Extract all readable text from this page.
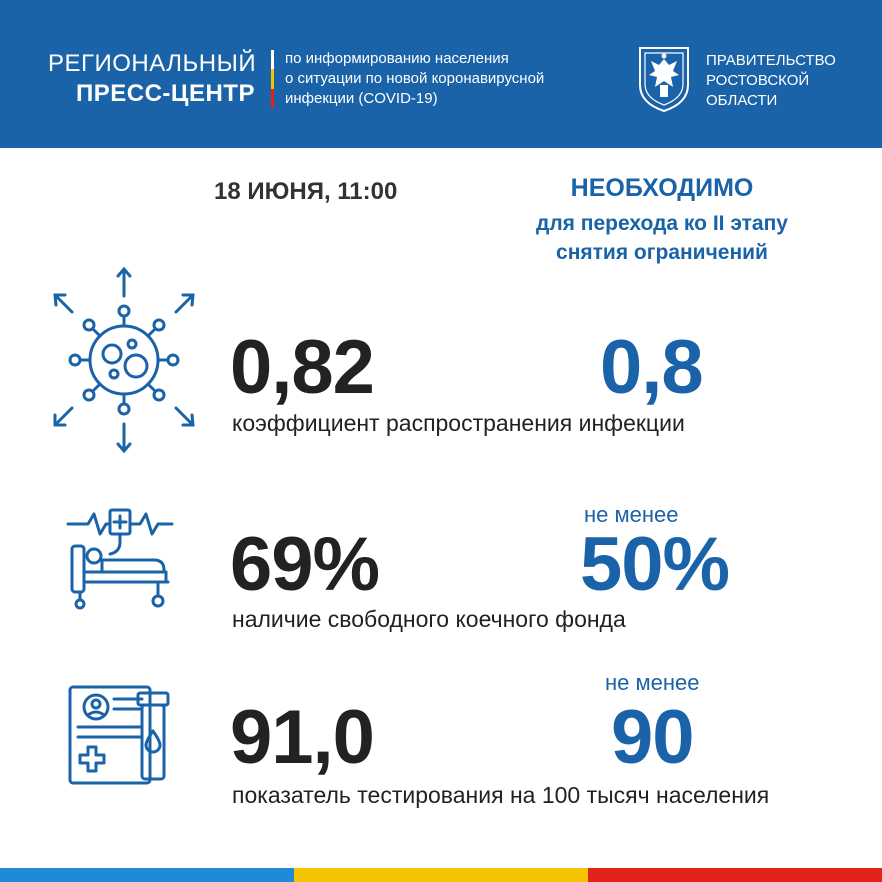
РЕГИОНАЛЬНЫЙ
ПРЕСС-ЦЕНТР
по информированию населения
о ситуации по новой коронавирусной
инфекции (COVID-19)
ПРАВИТЕЛЬСТВО
РОСТОВСКОЙ
ОБЛАСТИ
18 ИЮНЯ, 11:00	НЕОБХОДИМО
для перехода ко II этапу
снятия ограничений
0,82	0,8
коэффициент распространения инфекции
69%
не менее
50%
наличие свободного коечного фонда
91,0
не менее
90
показатель тестирования на 100 тысяч населения
